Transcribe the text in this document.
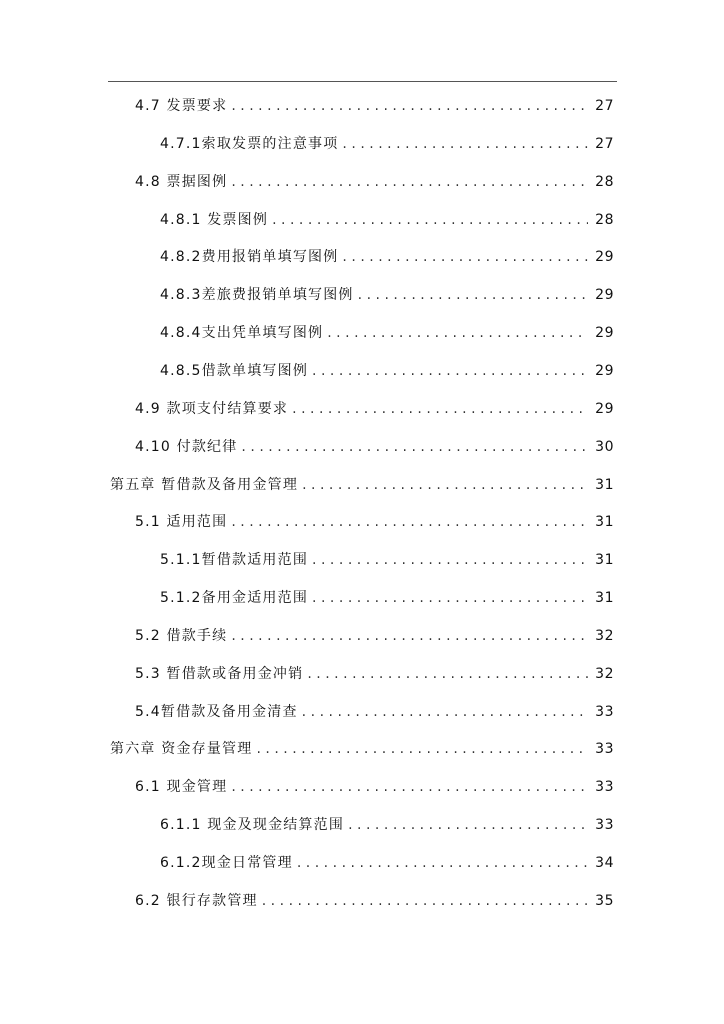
4.7 发票要求 .....	27
4.7.1索取发票的注意事项 .....	27
4.8 票据图例 .....	28
4.8.1 发票图例 .....	28
4.8.2费用报销单填写图例 .....	29
4.8.3差旅费报销单填写图例 .....	29
4.8.4支出凭单填写图例 .....	29
4.8.5借款单填写图例 .....	29
4.9 款项支付结算要求 .....	29
4.10 付款纪律 .....	30
第五章 暂借款及备用金管理 .....	31
5.1 适用范围 .....	31
5.1.1暂借款适用范围 .....	31
5.1.2备用金适用范围 .....	31
5.2 借款手续 .....	32
5.3 暂借款或备用金冲销 .....	32
5.4暂借款及备用金清查 .....	33
第六章 资金存量管理 .....	33
6.1 现金管理 .....	33
6.1.1 现金及现金结算范围 .....	33
6.1.2现金日常管理 .....	34
6.2 银行存款管理 .....	35
